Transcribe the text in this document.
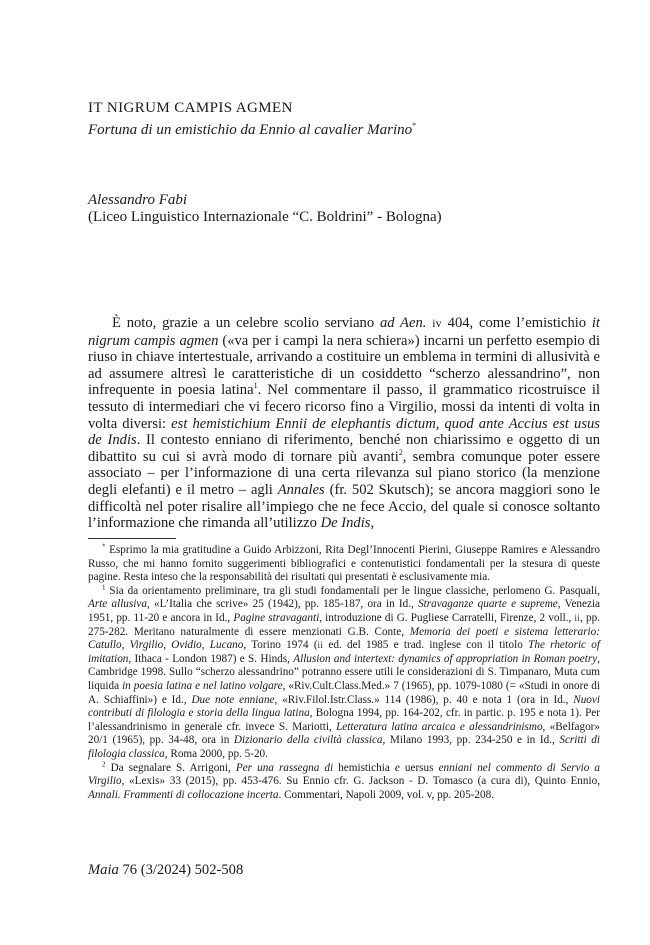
IT NIGRUM CAMPIS AGMEN
Fortuna di un emistichio da Ennio al cavalier Marino*
Alessandro Fabi
(Liceo Linguistico Internazionale “C. Boldrini” - Bologna)

È noto, grazie a un celebre scolio serviano ad Aen. iv 404, come l’emistichio it nigrum campis agmen («va per i campi la nera schiera») incarni un perfetto esempio di riuso in chiave intertestuale, arrivando a costituire un emblema in termini di allusività e ad assumere altresì le caratteristiche di un cosiddetto “scherzo alessandrino”, non infrequente in poesia latina$^1$. Nel commentare il passo, il grammatico ricostruisce il tessuto di intermediari che vi fecero ricorso fino a Virgilio, mossi da intenti di volta in volta diversi: est hemistichium Ennii de elephantis dictum, quod ante Accius est usus de Indis. Il contesto enniano di riferimento, benché non chiarissimo e oggetto di un dibattito su cui si avrà modo di tornare più avanti$^2$, sembra comunque poter essere associato – per l’informazione di una certa rilevanza sul piano storico (la menzione degli elefanti) e il metro – agli Annales (fr. 502 Skutsch); se ancora maggiori sono le difficoltà nel poter risalire all’impiego che ne fece Accio, del quale si conosce soltanto l’informazione che rimanda all’utilizzo De Indis,

* Esprimo la mia gratitudine a Guido Arbizzoni, Rita Degl’Innocenti Pierini, Giuseppe Ramires e Alessandro Russo, che mi hanno fornito suggerimenti bibliografici e contenutistici fondamentali per la stesura di queste pagine. Resta inteso che la responsabilità dei risultati qui presentati è esclusivamente mia.

$^1$ Sia da orientamento preliminare, tra gli studi fondamentali per le lingue classiche, perlomeno G. Pasquali, Arte allusiva, «L’Italia che scrive» 25 (1942), pp. 185-187, ora in Id., Stravaganze quarte e supreme, Venezia 1951, pp. 11-20 e ancora in Id., Pagine stravaganti, introduzione di G. Pugliese Carratelli, Firenze, 2 voll., ii, pp. 275-282. Meritano naturalmente di essere menzionati G.B. Conte, Memoria dei poeti e sistema letterario: Catullo, Virgilio, Ovidio, Lucano, Torino 1974 (ii ed. del 1985 e trad. inglese con il titolo The rhetoric of imitation, Ithaca - London 1987) e S. Hinds, Allusion and intertext: dynamics of appropriation in Roman poetry, Cambridge 1998. Sullo “scherzo alessandrino” potranno essere utili le considerazioni di S. Timpanaro, Muta cum liquida in poesia latina e nel latino volgare, «Riv.Cult.Class.Med.» 7 (1965), pp. 1079-1080 (= «Studi in onore di A. Schiaffini») e Id., Due note enniane, «Riv.Filol.Istr.Class.» 114 (1986), p. 40 e nota 1 (ora in Id., Nuovi contributi di filologia e storia della lingua latina, Bologna 1994, pp. 164-202, cfr. in partic. p. 195 e nota 1). Per l’alessandrinismo in generale cfr. invece S. Mariotti, Letteratura latina arcaica e alessandrinismo, «Belfagor» 20/1 (1965), pp. 34-48, ora in Dizionario della civiltà classica, Milano 1993, pp. 234-250 e in Id., Scritti di filologia classica, Roma 2000, pp. 5-20.

$^2$ Da segnalare S. Arrigoni, Per una rassegna di hemistichia e uersus enniani nel commento di Servio a Virgilio, «Lexis» 33 (2015), pp. 453-476. Su Ennio cfr. G. Jackson - D. Tomasco (a cura di), Quinto Ennio, Annali. Frammenti di collocazione incerta. Commentari, Napoli 2009, vol. v, pp. 205-208.

Maia 76 (3/2024) 502-508
